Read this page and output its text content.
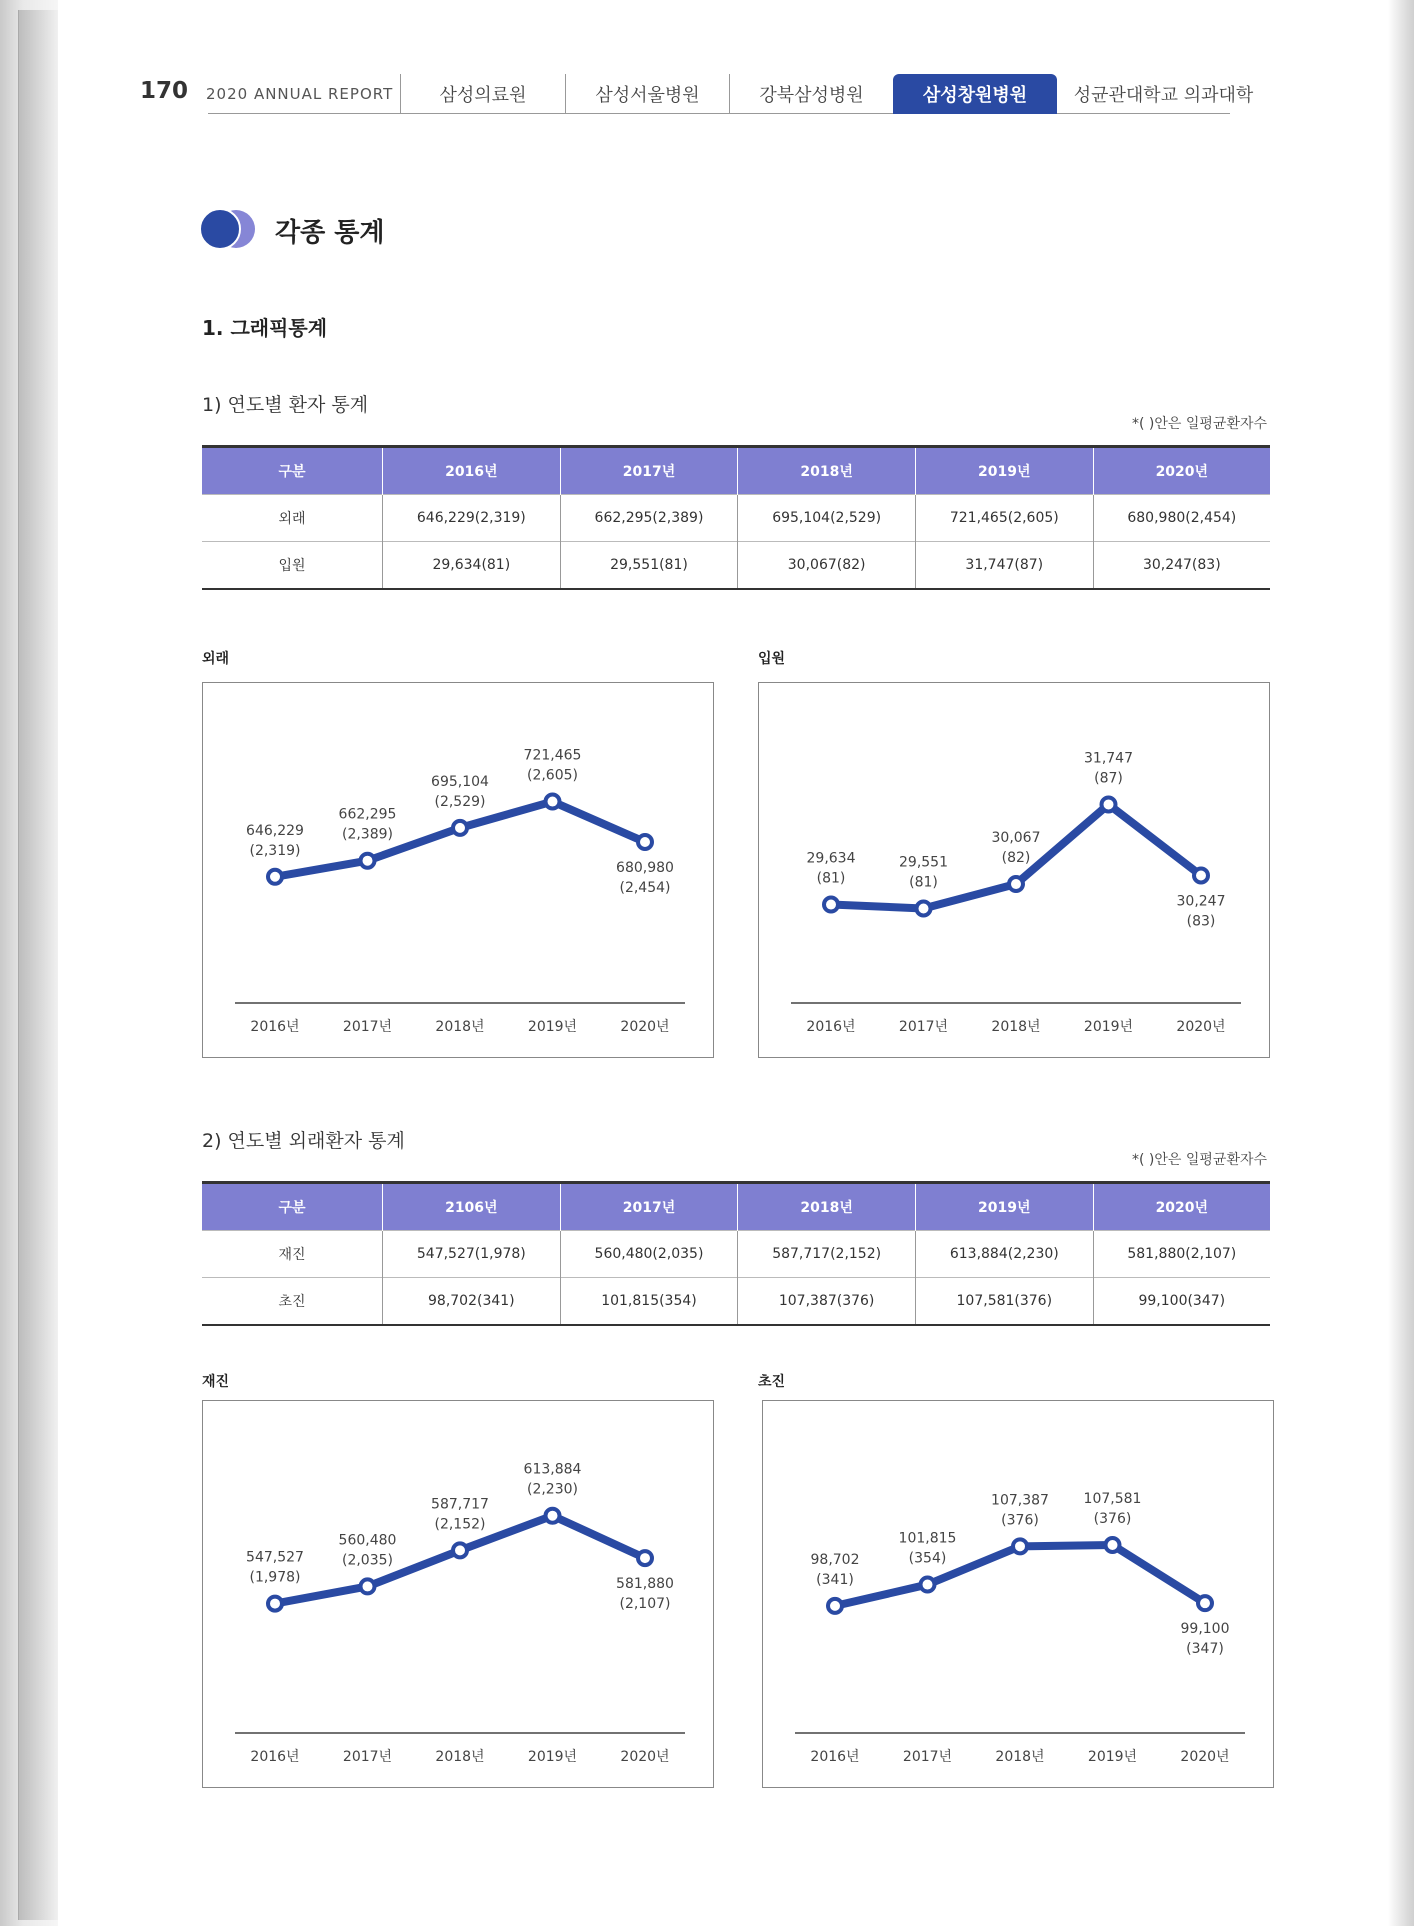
170 2020 ANNUAL REPORT	삼성의료원	삼성서울병원	강북삼성병원	삼성창원병원	성균관대학교 의과대학
각종 통계
1. 그래픽통계
1) 연도별 환자 통계
*( )안은 일평균환자수
구분	2016년	2017년	2018년	2019년	2020년
외래	646,229(2,319)	662,295(2,389)	695,104(2,529)	721,465(2,605)	680,980(2,454)
입원	29,634(81)	29,551(81)	30,067(82)	31,747(87)	30,247(83)
외래
2016년	2017년	2018년	2019년	2020년
646,229
(2,319)
662,295
(2,389)
695,104
(2,529)
721,465
(2,605)
680,980
(2,454)
입원
2016년	2017년	2018년	2019년	2020년
29,634
(81)
29,551
(81)
30,067
(82)
31,747
(87)
30,247
(83)
2) 연도별 외래환자 통계
*( )안은 일평균환자수
구분	2106년	2017년	2018년	2019년	2020년
재진	547,527(1,978)	560,480(2,035)	587,717(2,152)	613,884(2,230)	581,880(2,107)
초진	98,702(341)	101,815(354)	107,387(376)	107,581(376)	99,100(347)
재진
2016년	2017년	2018년	2019년	2020년
547,527
(1,978)
560,480
(2,035)
587,717
(2,152)
613,884
(2,230)
581,880
(2,107)
초진
2016년	2017년	2018년	2019년	2020년
98,702
(341)
101,815
(354)
107,387
(376)
107,581
(376)
99,100
(347)
